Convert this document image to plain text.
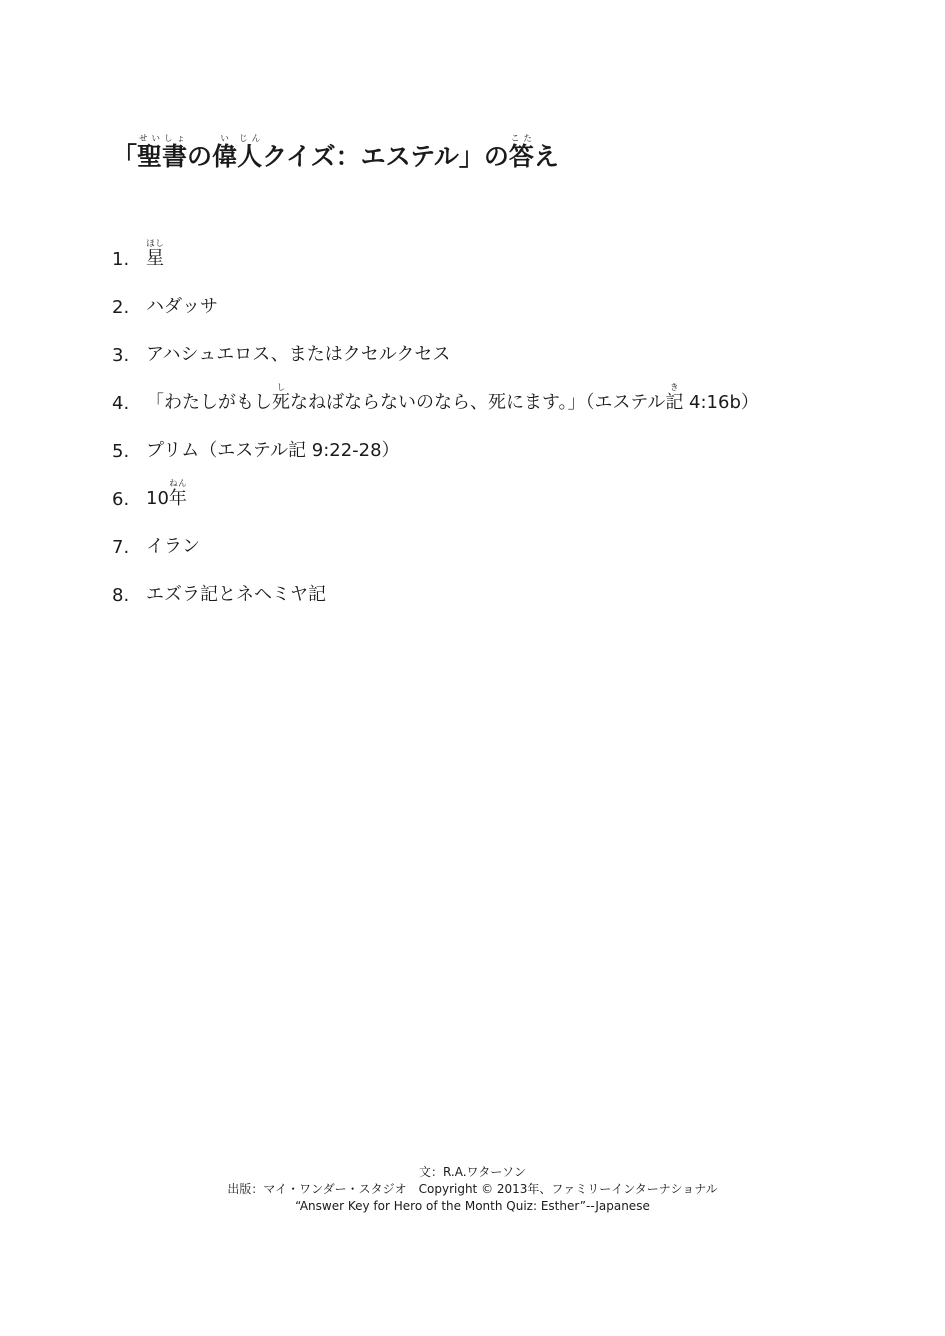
「聖せい書しょの偉い人じんクイズ：エステル」の答こたえ
1. 星ほし
2. ハダッサ
3. アハシュエロス、またはクセルクセス
4. 「わたしがもし死しなねばならないのなら、死にます。」（エステル記き 4:16b）
5. プリム（エステル記 9:22-28）
6. 10年ねん
7. イラン
8. エズラ記とネヘミヤ記
文：R.A.ワターソン
出版：マイ・ワンダー・スタジオ　Copyright © 2013年、ファミリーインターナショナル
“Answer Key for Hero of the Month Quiz: Esther”--Japanese
